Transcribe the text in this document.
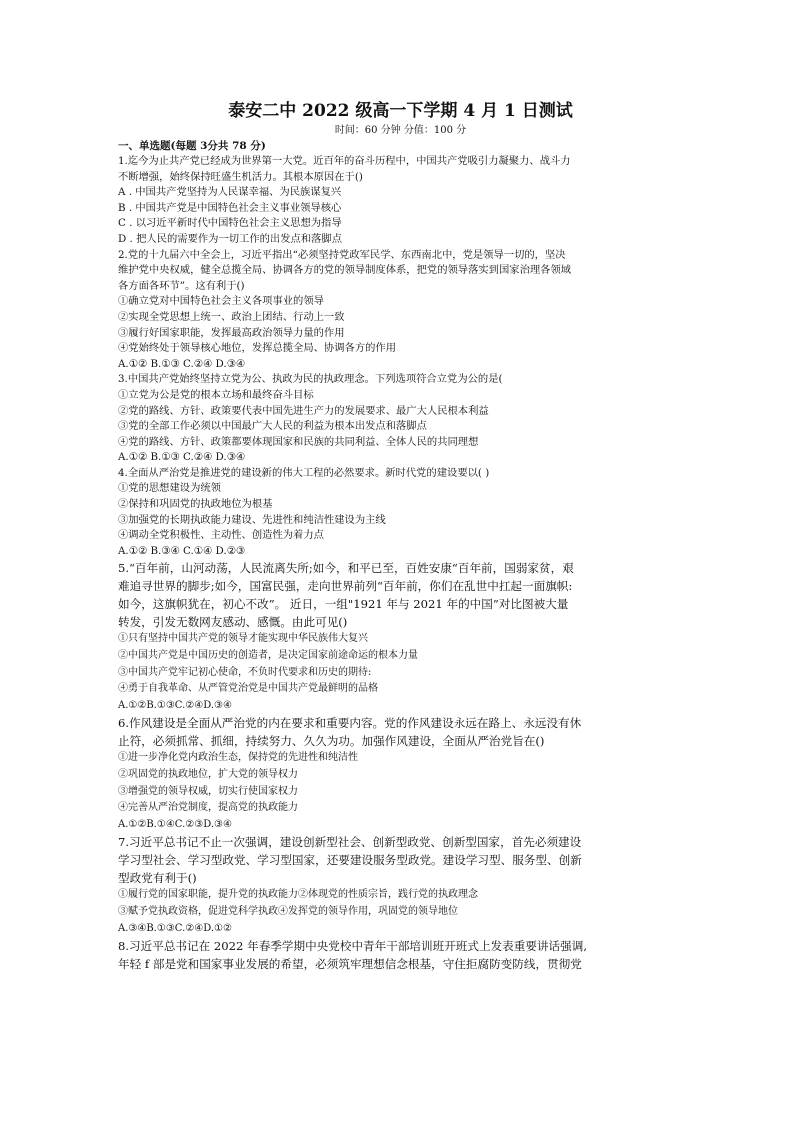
泰安二中 2022 级高一下学期 4 月 1 日测试

时间：60 分钟 分值：100 分

一、单选题(每题 3分共 78 分)

1.迄今为止共产党已经成为世界第一大党。近百年的奋斗历程中，中国共产党吸引力凝聚力、战斗力

不断增强，始终保持旺盛生机活力。其根本原因在于()

A . 中国共产党坚持为人民谋幸福、为民族谋复兴

B . 中国共产党是中国特色社会主义事业领导核心

C . 以习近平新时代中国特色社会主义思想为指导

D . 把人民的需要作为一切工作的出发点和落脚点

2.党的十九届六中全会上，习近平指出“必须坚持党政军民学、东西南北中，党是领导一切的，坚决

维护党中央权威，健全总揽全局、协调各方的党的领导制度体系，把党的领导落实到国家治理各领域

各方面各环节”。这有利于()

①确立党对中国特色社会主义各项事业的领导

②实现全党思想上统一、政治上团结、行动上一致

③履行好国家职能，发挥最高政治领导力量的作用

④党始终处于领导核心地位，发挥总揽全局、协调各方的作用

A.①② B.①③ C.②④ D.③④

3.中国共产党始终坚持立党为公、执政为民的执政理念。下列选项符合立党为公的是(

①立党为公是党的根本立场和最终奋斗目标

②党的路线、方针、政策要代表中国先进生产力的发展要求、最广大人民根本利益

③党的全部工作必须以中国最广大人民的利益为根本出发点和落脚点

④党的路线、方针、政策都要体现国家和民族的共同利益、全体人民的共同理想

A.①② B.①③ C.②④ D.③④

4.全面从严治党是推进党的建设新的伟大工程的必然要求。新时代党的建设要以( )

①党的思想建设为统领

②保持和巩固党的执政地位为根基

③加强党的长期执政能力建设、先进性和纯洁性建设为主线

④调动全党积极性、主动性、创造性为着力点

A.①② B.③④ C.①④ D.②③

5.“百年前，山河动荡，人民流离失所;如今，和平已至，百姓安康“百年前，国弱家贫，艰

难追寻世界的脚步;如今，国富民强，走向世界前列“百年前，你们在乱世中扛起一面旗帜:

如今，这旗帜犹在，初心不改”。 近日，一组"1921 年与 2021 年的中国”对比图被大量

转发，引发无数网友感动、感慨。由此可见()

①只有坚持中国共产党的领导才能实现中华民族伟大复兴

②中国共产党是中国历史的创造者，是决定国家前途命运的根本力量

③中国共产党牢记初心使命，不负时代要求和历史的期待:

④勇于自我革命、从严管党治党是中国共产党最鲜明的品格

A.①②B.①③C.②④D.③④

6.作风建设是全面从严治党的内在要求和重要内容。党的作风建设永远在路上、永远没有休

止符，必须抓常、抓细，持续努力、久久为功。加强作风建设，全面从严治党旨在()

①进一步净化党内政治生态，保持党的先进性和纯洁性

②巩固党的执政地位，扩大党的领导权力

③增强党的领导权威，切实行使国家权力

④完善从严治党制度，提高党的执政能力

A.①②B.①④C.②③D.③④

7.习近平总书记不止一次强调，建设创新型社会、创新型政党、创新型国家，首先必须建设

学习型社会、学习型政党、学习型国家，还要建设服务型政党。建设学习型、服务型、创新

型政党有利于()

①履行党的国家职能，提升党的执政能力②体现党的性质宗旨，践行党的执政理念

③赋予党执政资格，促进党科学执政④发挥党的领导作用，巩固党的领导地位

A.③④B.①③C.②④D.①②

8.习近平总书记在 2022 年春季学期中央党校中青年干部培训班开班式上发表重要讲话强调,

年轻 f 部是党和国家事业发展的希望，必须筑牢理想信念根基，守住拒腐防变防线，贯彻党
